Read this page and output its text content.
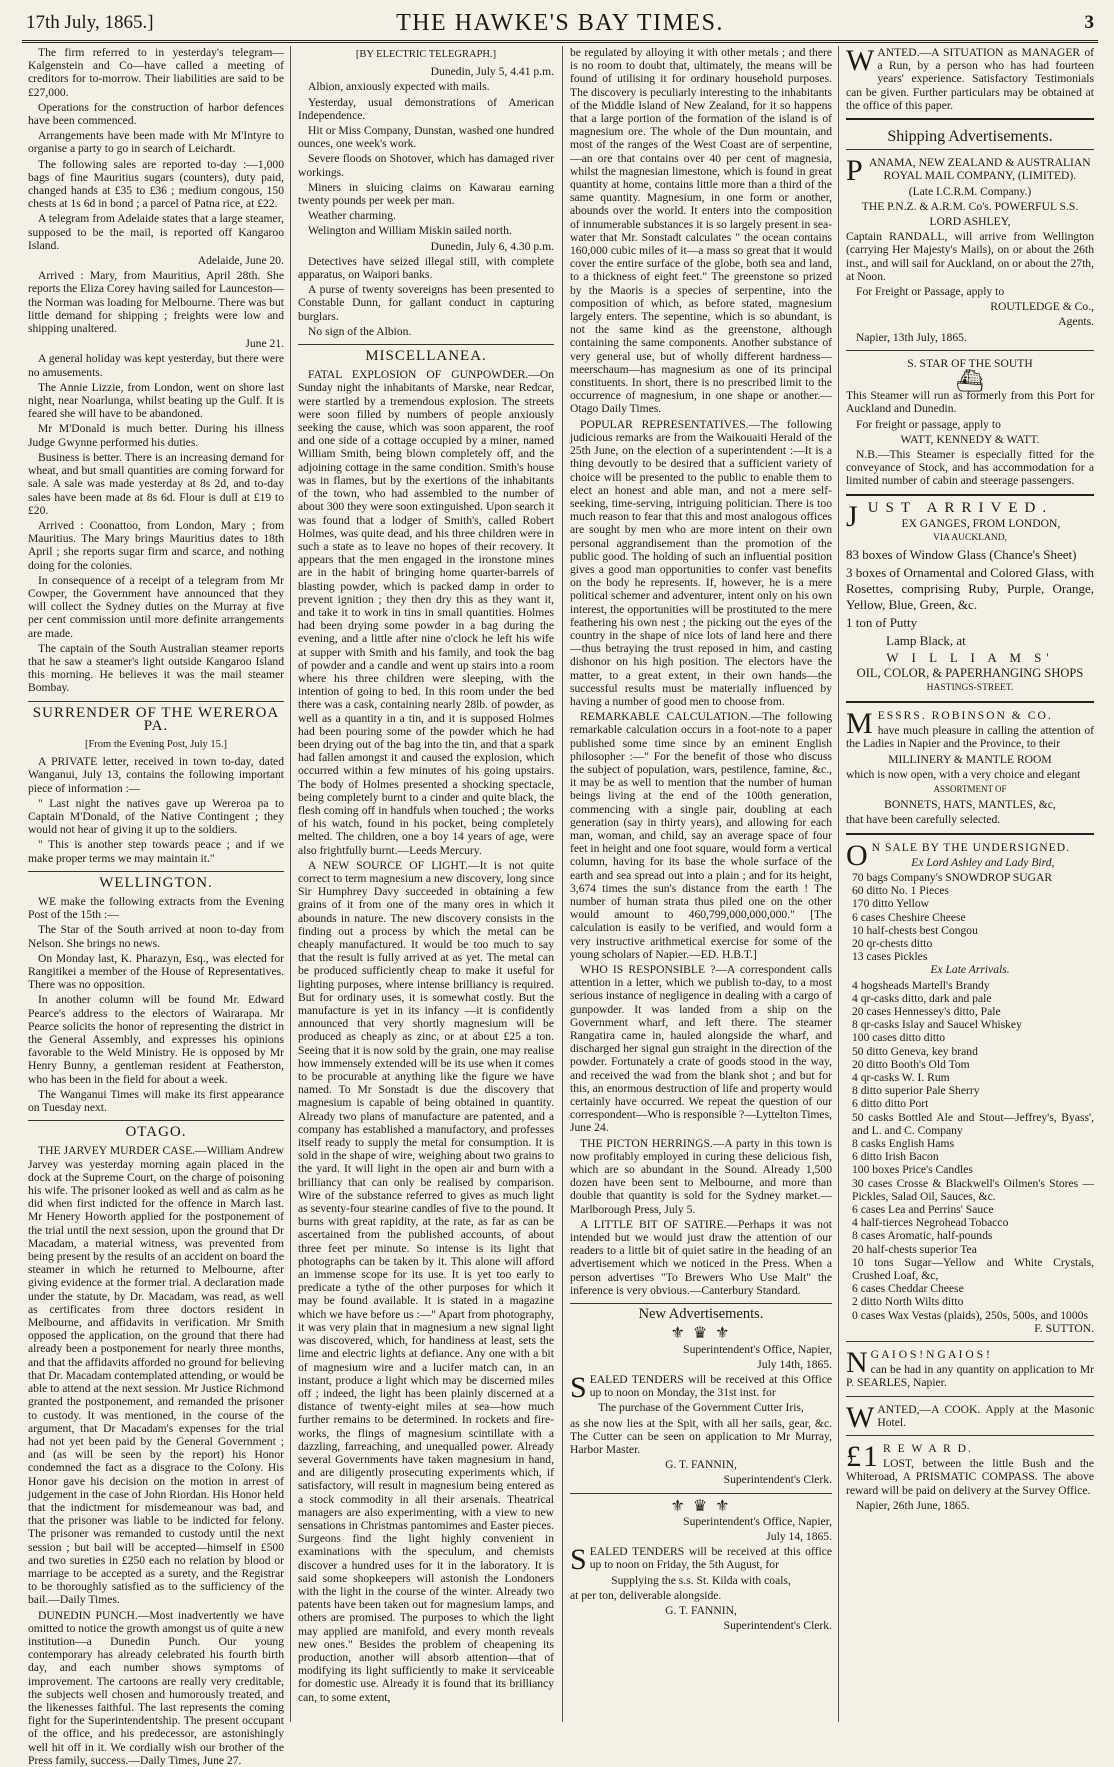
17th July, 1865.]	THE HAWKE'S BAY TIMES.	3

The firm referred to in yesterday's telegram—Kalgenstein and Co—have called a meeting of creditors for to-morrow. Their liabilities are said to be £27,000.

Operations for the construction of harbor defences have been commenced.

Arrangements have been made with Mr M'Intyre to organise a party to go in search of Leichardt.

The following sales are reported to-day :—1,000 bags of fine Mauritius sugars (counters), duty paid, changed hands at £35 to £36 ; medium congous, 150 chests at 1s 6d in bond ; a parcel of Patna rice, at £22.

A telegram from Adelaide states that a large steamer, supposed to be the mail, is reported off Kangaroo Island.

Adelaide, June 20.

Arrived : Mary, from Mauritius, April 28th. She reports the Eliza Corey having sailed for Launceston—the Norman was loading for Melbourne. There was but little demand for shipping ; freights were low and shipping unaltered.

June 21.

A general holiday was kept yesterday, but there were no amusements.

The Annie Lizzie, from London, went on shore last night, near Noarlunga, whilst beating up the Gulf. It is feared she will have to be abandoned.

Mr M'Donald is much better. During his illness Judge Gwynne performed his duties.

Business is better. There is an increasing demand for wheat, and but small quantities are coming forward for sale. A sale was made yesterday at 8s 2d, and to-day sales have been made at 8s 6d. Flour is dull at £19 to £20.

Arrived : Coonattoo, from London, Mary ; from Mauritius. The Mary brings Mauritius dates to 18th April ; she reports sugar firm and scarce, and nothing doing for the colonies.

In consequence of a receipt of a telegram from Mr Cowper, the Government have announced that they will collect the Sydney duties on the Murray at five per cent commission until more definite arrangements are made.

The captain of the South Australian steamer reports that he saw a steamer's light outside Kangaroo Island this morning. He believes it was the mail steamer Bombay.

SURRENDER OF THE WEREROA PA.
[From the Evening Post, July 15.]

A PRIVATE letter, received in town to-day, dated Wanganui, July 13, contains the following important piece of information :—

" Last night the natives gave up Wereroa pa to Captain M'Donald, of the Native Contingent ; they would not hear of giving it up to the soldiers.

" This is another step towards peace ; and if we make proper terms we may maintain it."

WELLINGTON.

WE make the following extracts from the Evening Post of the 15th :—

The Star of the South arrived at noon to-day from Nelson. She brings no news.

On Monday last, K. Pharazyn, Esq., was elected for Rangitikei a member of the House of Representatives. There was no opposition.

In another column will be found Mr. Edward Pearce's address to the electors of Wairarapa. Mr Pearce solicits the honor of representing the district in the General Assembly, and expresses his opinions favorable to the Weld Ministry. He is opposed by Mr Henry Bunny, a gentleman resident at Featherston, who has been in the field for about a week.

The Wanganui Times will make its first appearance on Tuesday next.

OTAGO.

THE JARVEY MURDER CASE.—William Andrew Jarvey was yesterday morning again placed in the dock at the Supreme Court, on the charge of poisoning his wife. The prisoner looked as well and as calm as he did when first indicted for the offence in March last. Mr Henery Howorth applied for the postponement of the trial until the next session, upon the ground that Dr Macadam, a material witness, was prevented from being present by the results of an accident on board the steamer in which he returned to Melbourne, after giving evidence at the former trial. A declaration made under the statute, by Dr. Macadam, was read, as well as certificates from three doctors resident in Melbourne, and affidavits in verification. Mr Smith opposed the application, on the ground that there had already been a postponement for nearly three months, and that the affidavits afforded no ground for believing that Dr. Macadam contemplated attending, or would be able to attend at the next session. Mr Justice Richmond granted the postponement, and remanded the prisoner to custody. It was mentioned, in the course of the argument, that Dr Macadam's expenses for the trial had not yet been paid by the General Government ; and (as will be seen by the report) his Honor condemned the fact as a disgrace to the Colony. His Honor gave his decision on the motion in arrest of judgement in the case of John Riordan. His Honor held that the indictment for misdemeanour was bad, and that the prisoner was liable to be indicted for felony. The prisoner was remanded to custody until the next session ; but bail will be accepted—himself in £500 and two sureties in £250 each no relation by blood or marriage to be accepted as a surety, and the Registrar to be thoroughly satisfied as to the sufficiency of the bail.—Daily Times.

DUNEDIN PUNCH.—Most inadvertently we have omitted to notice the growth amongst us of quite a new institution—a Dunedin Punch. Our young contemporary has already celebrated his fourth birth day, and each number shows symptoms of improvement. The cartoons are really very creditable, the subjects well chosen and humorously treated, and the likenesses faithful. The last represents the coming fight for the Superintendentship. The present occupant of the office, and his predecessor, are astonishingly well hit off in it. We cordially wish our brother of the Press family, success.—Daily Times, June 27.

[BY ELECTRIC TELEGRAPH.]

Dunedin, July 5, 4.41 p.m.

Albion, anxiously expected with mails.

Yesterday, usual demonstrations of American Independence.

Hit or Miss Company, Dunstan, washed one hundred ounces, one week's work.

Severe floods on Shotover, which has damaged river workings.

Miners in sluicing claims on Kawarau earning twenty pounds per week per man.

Weather charming.

Welington and William Miskin sailed north.

Dunedin, July 6, 4.30 p.m.

Detectives have seized illegal still, with complete apparatus, on Waipori banks.

A purse of twenty sovereigns has been presented to Constable Dunn, for gallant conduct in capturing burglars.

No sign of the Albion.

MISCELLANEA.

FATAL EXPLOSION OF GUNPOWDER.—On Sunday night the inhabitants of Marske, near Redcar, were startled by a tremendous explosion. The streets were soon filled by numbers of people anxiously seeking the cause, which was soon apparent, the roof and one side of a cottage occupied by a miner, named William Smith, being blown completely off, and the adjoining cottage in the same condition. Smith's house was in flames, but by the exertions of the inhabitants of the town, who had assembled to the number of about 300 they were soon extinguished. Upon search it was found that a lodger of Smith's, called Robert Holmes, was quite dead, and his three children were in such a state as to leave no hopes of their recovery. It appears that the men engaged in the ironstone mines are in the habit of bringing home quarter-barrels of blasting powder, which is packed damp in order to prevent ignition ; they then dry this as they want it, and take it to work in tins in small quantities. Holmes had been drying some powder in a bag during the evening, and a little after nine o'clock he left his wife at supper with Smith and his family, and took the bag of powder and a candle and went up stairs into a room where his three children were sleeping, with the intention of going to bed. In this room under the bed there was a cask, containing nearly 28lb. of powder, as well as a quantity in a tin, and it is supposed Holmes had been pouring some of the powder which he had been drying out of the bag into the tin, and that a spark had fallen amongst it and caused the explosion, which occurred within a few minutes of his going upstairs. The body of Holmes presented a shocking spectacle, being completely burnt to a cinder and quite black, the flesh coming off in handfuls when touched ; the works of his watch, found in his pocket, being completely melted. The children, one a boy 14 years of age, were also frightfully burnt.—Leeds Mercury.

A NEW SOURCE OF LIGHT.—It is not quite correct to term magnesium a new discovery, long since Sir Humphrey Davy succeeded in obtaining a few grains of it from one of the many ores in which it abounds in nature. The new discovery consists in the finding out a process by which the metal can be cheaply manufactured. It would be too much to say that the result is fully arrived at as yet. The metal can be produced sufficiently cheap to make it useful for lighting purposes, where intense brilliancy is required. But for ordinary uses, it is somewhat costly. But the manufacture is yet in its infancy —it is confidently announced that very shortly magnesium will be produced as cheaply as zinc, or at about £25 a ton. Seeing that it is now sold by the grain, one may realise how immensely extended will be its use when it comes to be procurable at anything like the figure we have named. To Mr Sonstadt is due the discovery that magnesium is capable of being obtained in quantity. Already two plans of manufacture are patented, and a company has established a manufactory, and professes itself ready to supply the metal for consumption. It is sold in the shape of wire, weighing about two grains to the yard. It will light in the open air and burn with a brilliancy that can only be realised by comparison. Wire of the substance referred to gives as much light as seventy-four stearine candles of five to the pound. It burns with great rapidity, at the rate, as far as can be ascertained from the published accounts, of about three feet per minute. So intense is its light that photographs can be taken by it. This alone will afford an immense scope for its use. It is yet too early to predicate a tythe of the other purposes for which it may be found available. It is stated in a magazine which we have before us :—" Apart from photography, it was very plain that in magnesium a new signal light was discovered, which, for handiness at least, sets the lime and electric lights at defiance. Any one with a bit of magnesium wire and a lucifer match can, in an instant, produce a light which may be discerned miles off ; indeed, the light has been plainly discerned at a distance of twenty-eight miles at sea—how much further remains to be determined. In rockets and fire-works, the flings of magnesium scintillate with a dazzling, farreaching, and unequalled power. Already several Governments have taken magnesium in hand, and are diligently prosecuting experiments which, if satisfactory, will result in magnesium being entered as a stock commodity in all their arsenals. Theatrical managers are also experimenting, with a view to new sensations in Christmas pantomimes and Easter pieces. Surgeons find the light highly convenient in examinations with the speculum, and chemists discover a hundred uses for it in the laboratory. It is said some shopkeepers will astonish the Londoners with the light in the course of the winter. Already two patents have been taken out for magnesium lamps, and others are promised. The purposes to which the light may applied are manifold, and every month reveals new ones." Besides the problem of cheapening its production, another will absorb attention—that of modifying its light sufficiently to make it serviceable for domestic use. Already it is found that its brilliancy can, to some extent,

be regulated by alloying it with other metals ; and there is no room to doubt that, ultimately, the means will be found of utilising it for ordinary household purposes. The discovery is peculiarly interesting to the inhabitants of the Middle Island of New Zealand, for it so happens that a large portion of the formation of the island is of magnesium ore. The whole of the Dun mountain, and most of the ranges of the West Coast are of serpentine,—an ore that contains over 40 per cent of magnesia, whilst the magnesian limestone, which is found in great quantity at home, contains little more than a third of the same quantity. Magnesium, in one form or another, abounds over the world. It enters into the composition of innumerable substances it is so largely present in sea-water that Mr. Sonstadt calculates " the ocean contains 160,000 cubic miles of it—a mass so great that it would cover the entire surface of the globe, both sea and land, to a thickness of eight feet." The greenstone so prized by the Maoris is a species of serpentine, into the composition of which, as before stated, magnesium largely enters. The sepentine, which is so abundant, is not the same kind as the greenstone, although containing the same components. Another substance of very general use, but of wholly different hardness—meerschaum—has magnesium as one of its principal constituents. In short, there is no prescribed limit to the occurrence of magnesium, in one shape or another.—Otago Daily Times.

POPULAR REPRESENTATIVES.—The following judicious remarks are from the Waikouaiti Herald of the 25th June, on the election of a superintendent :—It is a thing devoutly to be desired that a sufficient variety of choice will be presented to the public to enable them to elect an honest and able man, and not a mere self-seeking, time-serving, intriguing politician. There is too much reason to fear that this and most analogous offices are sought by men who are more intent on their own personal aggrandisement than the promotion of the public good. The holding of such an influential position gives a good man opportunities to confer vast benefits on the body he represents. If, however, he is a mere political schemer and adventurer, intent only on his own interest, the opportunities will be prostituted to the mere feathering his own nest ; the picking out the eyes of the country in the shape of nice lots of land here and there—thus betraying the trust reposed in him, and casting dishonor on his high position. The electors have the matter, to a great extent, in their own hands—the successful results must be materially influenced by having a number of good men to choose from.

REMARKABLE CALCULATION.—The following remarkable calculation occurs in a foot-note to a paper published some time since by an eminent English philosopher :—" For the benefit of those who discuss the subject of population, wars, pestilence, famine, &c., it may be as well to mention that the number of human beings living at the end of the 100th generation, commencing with a single pair, doubling at each generation (say in thirty years), and allowing for each man, woman, and child, say an average space of four feet in height and one foot square, would form a vertical column, having for its base the whole surface of the earth and sea spread out into a plain ; and for its height, 3,674 times the sun's distance from the earth ! The number of human strata thus piled one on the other would amount to 460,799,000,000,000." [The calculation is easily to be verified, and would form a very instructive arithmetical exercise for some of the young scholars of Napier.—ED. H.B.T.]

WHO IS RESPONSIBLE ?—A correspondent calls attention in a letter, which we publish to-day, to a most serious instance of negligence in dealing with a cargo of gunpowder. It was landed from a ship on the Government wharf, and left there. The steamer Rangatira came in, hauled alongside the wharf, and discharged her signal gun straight in the direction of the powder. Fortunately a crate of goods stood in the way, and received the wad from the blank shot ; and but for this, an enormous destruction of life and property would certainly have occurred. We repeat the question of our correspondent—Who is responsible ?—Lyttelton Times, June 24.

THE PICTON HERRINGS.—A party in this town is now profitably employed in curing these delicious fish, which are so abundant in the Sound. Already 1,500 dozen have been sent to Melbourne, and more than double that quantity is sold for the Sydney market.—Marlborough Press, July 5.

A LITTLE BIT OF SATIRE.—Perhaps it was not intended but we would just draw the attention of our readers to a little bit of quiet satire in the heading of an advertisement which we noticed in the Press. When a person advertises "To Brewers Who Use Malt" the inference is very obvious.—Canterbury Standard.

New Advertisements.
⚜ ♛ ⚜

Superintendent's Office, Napier,

July 14th, 1865.

SEALED TENDERS will be received at this Office up to noon on Monday, the 31st inst. for

The purchase of the Government Cutter Iris,

as she now lies at the Spit, with all her sails, gear, &c. The Cutter can be seen on application to Mr Murray, Harbor Master.

G. T. FANNIN,

Superintendent's Clerk.

⚜ ♛ ⚜

Superintendent's Office, Napier,

July 14, 1865.

SEALED TENDERS will be received at this office up to noon on Friday, the 5th August, for

Supplying the s.s. St. Kilda with coals,

at per ton, deliverable alongside.

G. T. FANNIN,

Superintendent's Clerk.

WANTED.—A SITUATION as MANAGER of a Run, by a person who has had fourteen years' experience. Satisfactory Testimonials can be given. Further particulars may be obtained at the office of this paper.

Shipping Advertisements.

PANAMA, NEW ZEALAND & AUSTRALIAN ROYAL MAIL COMPANY, (LIMITED).

(Late I.C.R.M. Company.)

THE P.N.Z. & A.R.M. Co's. POWERFUL S.S.

LORD ASHLEY,

Captain RANDALL, will arrive from Wellington (carrying Her Majesty's Mails), on or about the 26th inst., and will sail for Auckland, on or about the 27th, at Noon.

For Freight or Passage, apply to

ROUTLEDGE & Co.,

Agents.

Napier, 13th July, 1865.

S. STAR OF THE SOUTH

⛴

This Steamer will run as formerly from this Port for Auckland and Dunedin.

For freight or passage, apply to

WATT, KENNEDY & WATT.

N.B.—This Steamer is especially fitted for the conveyance of Stock, and has accommodation for a limited number of cabin and steerage passengers.

JUST ARRIVED.

EX GANGES, FROM LONDON,

VIA AUCKLAND,

83 boxes of Window Glass (Chance's Sheet)

3 boxes of Ornamental and Colored Glass, with Rosettes, comprising Ruby, Purple, Orange, Yellow, Blue, Green, &c.

1 ton of Putty

Lamp Black, at

W I L L I A M S'

OIL, COLOR, & PAPERHANGING SHOPS

HASTINGS-STREET.

MESSRS. ROBINSON & CO.

have much pleasure in calling the attention of the Ladies in Napier and the Province, to their

MILLINERY & MANTLE ROOM

which is now open, with a very choice and elegant

ASSORTMENT OF

BONNETS, HATS, MANTLES, &c,

that have been carefully selected.

O N SALE BY THE UNDERSIGNED.

Ex Lord Ashley and Lady Bird,

70 bags Company's SNOWDROP SUGAR

60 ditto No. 1 Pieces

170 ditto Yellow

6 cases Cheshire Cheese

10 half-chests best Congou

20 qr-chests ditto

13 cases Pickles

Ex Late Arrivals.

4 hogsheads Martell's Brandy

4 qr-casks ditto, dark and pale

20 cases Hennessey's ditto, Pale

8 qr-casks Islay and Saucel Whiskey

100 cases ditto ditto

50 ditto Geneva, key brand

20 ditto Booth's Old Tom

4 qr-casks W. I. Rum

8 ditto superior Pale Sherry

6 ditto ditto Port

50 casks Bottled Ale and Stout—Jeffrey's, Byass', and L. and C. Company

8 casks English Hams

6 ditto Irish Bacon

100 boxes Price's Candles

30 cases Crosse & Blackwell's Oilmen's Stores —Pickles, Salad Oil, Sauces, &c.

6 cases Lea and Perrins' Sauce

4 half-tierces Negrohead Tobacco

8 cases Aromatic, half-pounds

20 half-chests superior Tea

10 tons Sugar—Yellow and White Crystals, Crushed Loaf, &c,

6 cases Cheddar Cheese

2 ditto North Wilts ditto

0 cases Wax Vestas (plaids), 250s, 500s, and 1000s

F. SUTTON.

N G A I O S ! N G A I O S !

can be had in any quantity on application to Mr P. SEARLES, Napier.

WANTED,—A COOK. Apply at the Masonic Hotel.

£1 R E W A R D.

LOST, between the little Bush and the Whiteroad, A PRISMATIC COMPASS. The above reward will be paid on delivery at the Survey Office.

Napier, 26th June, 1865.
